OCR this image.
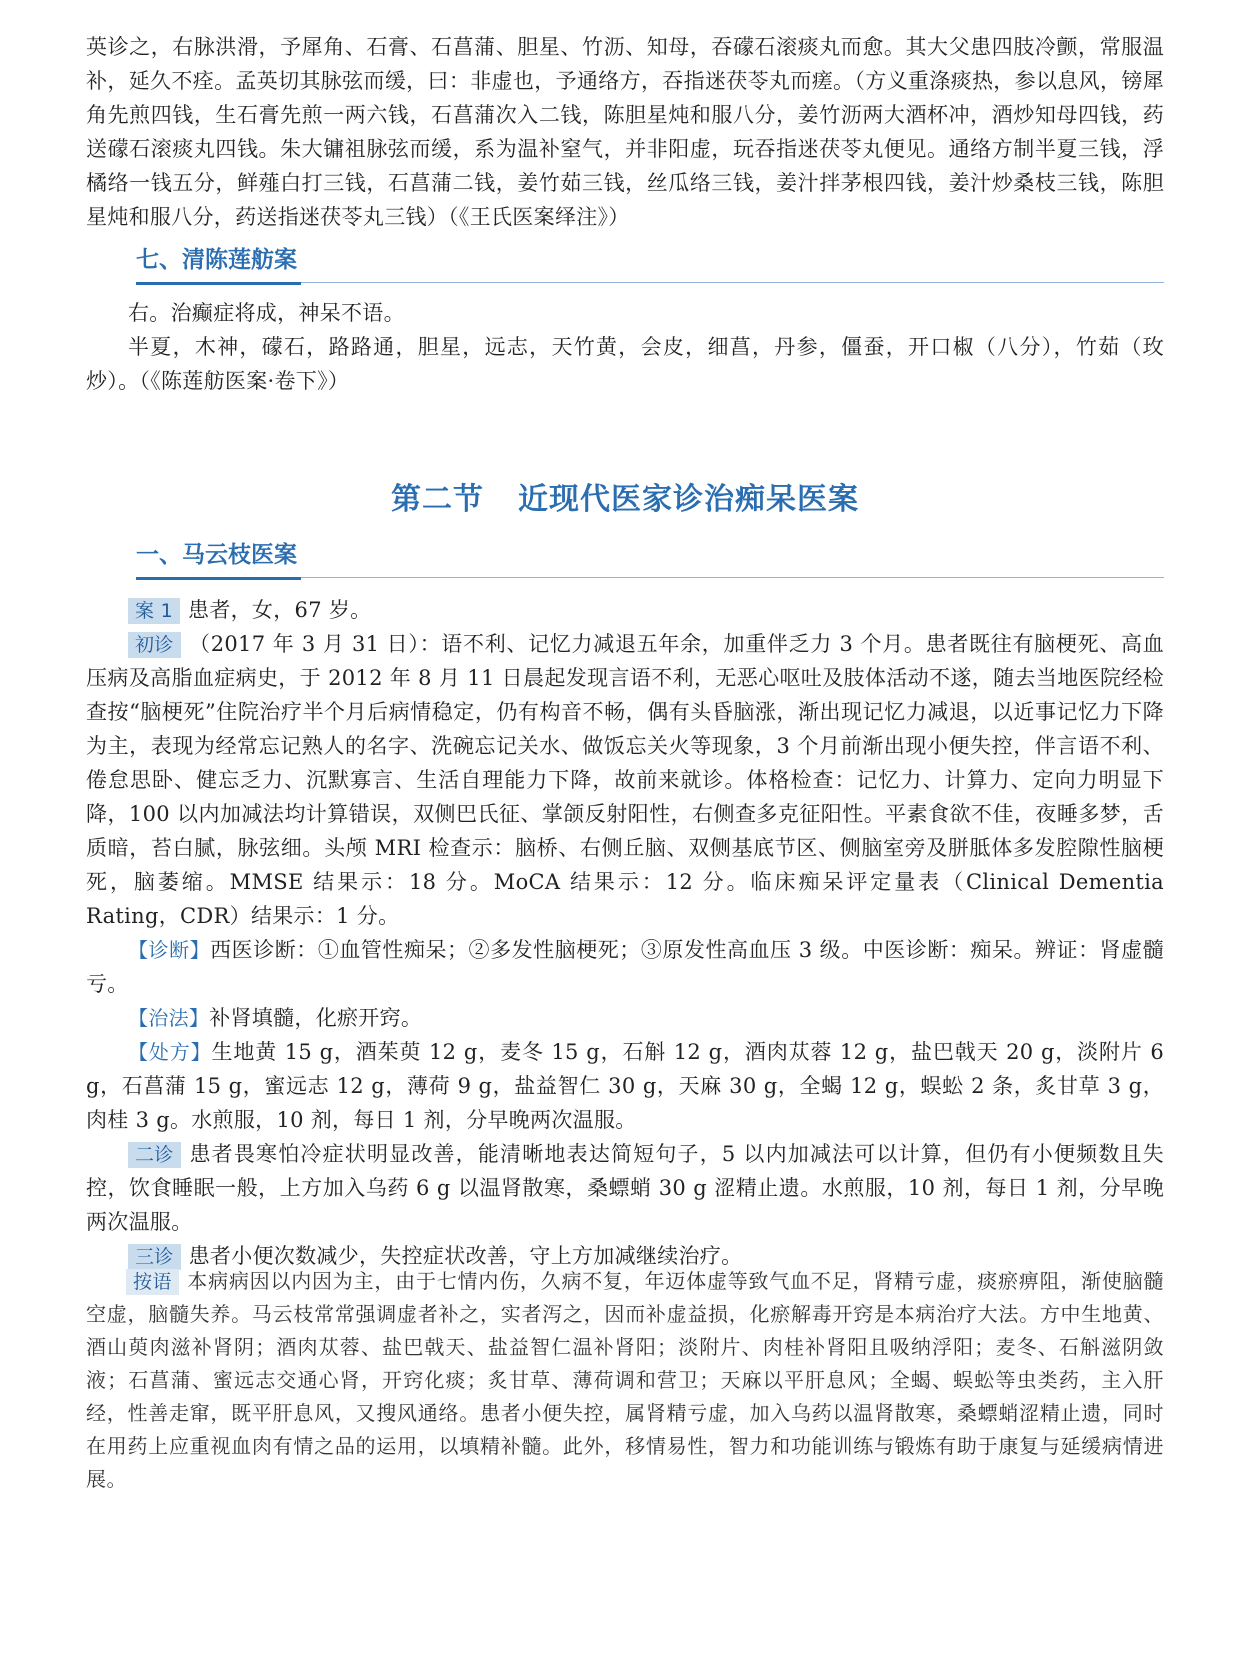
英诊之，右脉洪滑，予犀角、石膏、石菖蒲、胆星、竹沥、知母，吞礞石滚痰丸而愈。其大父患四肢冷颤，常服温补，延久不痊。孟英切其脉弦而缓，曰：非虚也，予通络方，吞指迷茯苓丸而瘥。（方义重涤痰热，参以息风，镑犀角先煎四钱，生石膏先煎一两六钱，石菖蒲次入二钱，陈胆星炖和服八分，姜竹沥两大酒杯冲，酒炒知母四钱，药送礞石滚痰丸四钱。朱大镛祖脉弦而缓，系为温补窒气，并非阳虚，玩吞指迷茯苓丸便见。通络方制半夏三钱，浮橘络一钱五分，鲜薤白打三钱，石菖蒲二钱，姜竹茹三钱，丝瓜络三钱，姜汁拌茅根四钱，姜汁炒桑枝三钱，陈胆星炖和服八分，药送指迷茯苓丸三钱）（《王氏医案绎注》）

七、清陈莲舫案

右。治癫症将成，神呆不语。

半夏，木神，礞石，路路通，胆星，远志，天竹黄，会皮，细菖，丹参，僵蚕，开口椒（八分），竹茹（玫炒）。（《陈莲舫医案·卷下》）

第二节 近现代医家诊治痴呆医案
一、马云枝医案

案 1 患者，女，67 岁。

初诊 （2017 年 3 月 31 日）：语不利、记忆力减退五年余，加重伴乏力 3 个月。患者既往有脑梗死、高血压病及高脂血症病史，于 2012 年 8 月 11 日晨起发现言语不利，无恶心呕吐及肢体活动不遂，随去当地医院经检查按“脑梗死”住院治疗半个月后病情稳定，仍有构音不畅，偶有头昏脑涨，渐出现记忆力减退，以近事记忆力下降为主，表现为经常忘记熟人的名字、洗碗忘记关水、做饭忘关火等现象，3 个月前渐出现小便失控，伴言语不利、倦怠思卧、健忘乏力、沉默寡言、生活自理能力下降，故前来就诊。体格检查：记忆力、计算力、定向力明显下降，100 以内加减法均计算错误，双侧巴氏征、掌颌反射阳性，右侧查多克征阳性。平素食欲不佳，夜睡多梦，舌质暗，苔白腻，脉弦细。头颅 MRI 检查示：脑桥、右侧丘脑、双侧基底节区、侧脑室旁及胼胝体多发腔隙性脑梗死，脑萎缩。MMSE 结果示：18 分。MoCA 结果示：12 分。临床痴呆评定量表（Clinical Dementia Rating，CDR）结果示：1 分。

【诊断】西医诊断：①血管性痴呆；②多发性脑梗死；③原发性高血压 3 级。中医诊断：痴呆。辨证：肾虚髓亏。

【治法】补肾填髓，化瘀开窍。

【处方】生地黄 15 g，酒茱萸 12 g，麦冬 15 g，石斛 12 g，酒肉苁蓉 12 g，盐巴戟天 20 g，淡附片 6 g，石菖蒲 15 g，蜜远志 12 g，薄荷 9 g，盐益智仁 30 g，天麻 30 g，全蝎 12 g，蜈蚣 2 条，炙甘草 3 g，肉桂 3 g。水煎服，10 剂，每日 1 剂，分早晚两次温服。

二诊 患者畏寒怕冷症状明显改善，能清晰地表达简短句子，5 以内加减法可以计算，但仍有小便频数且失控，饮食睡眠一般，上方加入乌药 6 g 以温肾散寒，桑螵蛸 30 g 涩精止遗。水煎服，10 剂，每日 1 剂，分早晚两次温服。

三诊 患者小便次数减少，失控症状改善，守上方加减继续治疗。

按语 本病病因以内因为主，由于七情内伤，久病不复，年迈体虚等致气血不足，肾精亏虚，痰瘀痹阻，渐使脑髓空虚，脑髓失养。马云枝常常强调虚者补之，实者泻之，因而补虚益损，化瘀解毒开窍是本病治疗大法。方中生地黄、酒山萸肉滋补肾阴；酒肉苁蓉、盐巴戟天、盐益智仁温补肾阳；淡附片、肉桂补肾阳且吸纳浮阳；麦冬、石斛滋阴敛液；石菖蒲、蜜远志交通心肾，开窍化痰；炙甘草、薄荷调和营卫；天麻以平肝息风；全蝎、蜈蚣等虫类药，主入肝经，性善走窜，既平肝息风，又搜风通络。患者小便失控，属肾精亏虚，加入乌药以温肾散寒，桑螵蛸涩精止遗，同时在用药上应重视血肉有情之品的运用，以填精补髓。此外，移情易性，智力和功能训练与锻炼有助于康复与延缓病情进展。
